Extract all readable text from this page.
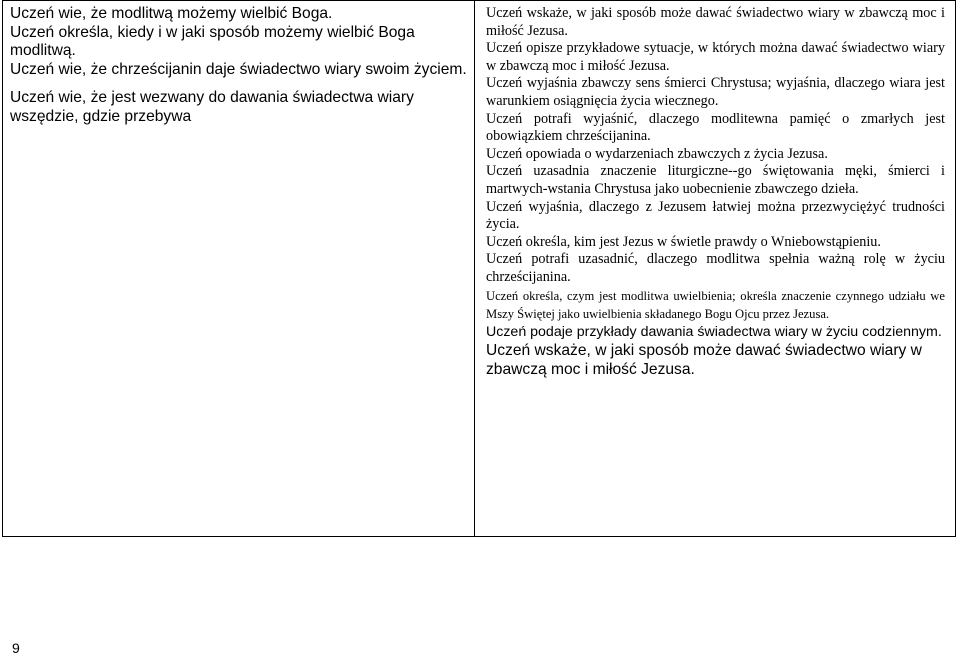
Uczeń wie, że modlitwą możemy wielbić Boga.

Uczeń określa, kiedy i w jaki sposób możemy wielbić Boga modlitwą.

Uczeń wie, że chrześcijanin daje świadectwo wiary swoim życiem.

Uczeń wie, że jest wezwany do dawania świadectwa wiary wszędzie, gdzie przebywa

Uczeń wskaże, w jaki sposób może dawać świadectwo wiary w zbawczą moc i miłość Jezusa.

Uczeń opisze przykładowe sytuacje, w których można dawać świadectwo wiary w zbawczą moc i miłość Jezusa.

Uczeń wyjaśnia zbawczy sens śmierci Chrystusa; wyjaśnia, dlaczego wiara jest warunkiem osiągnięcia życia wiecznego.

Uczeń potrafi wyjaśnić, dlaczego modlitewna pamięć o zmarłych jest obowiązkiem chrześcijanina.

Uczeń opowiada o wydarzeniach zbawczych z życia Jezusa.

Uczeń uzasadnia znaczenie liturgiczne--go świętowania męki, śmierci i martwych-wstania Chrystusa jako uobecnienie zbawczego dzieła.

Uczeń wyjaśnia, dlaczego z Jezusem łatwiej można przezwyciężyć trudności życia.

Uczeń określa, kim jest Jezus w świetle prawdy o Wniebowstąpieniu.

Uczeń potrafi uzasadnić, dlaczego modlitwa spełnia ważną rolę w życiu chrześcijanina.

Uczeń określa, czym jest modlitwa uwielbienia; określa znaczenie czynnego udziału we Mszy Świętej jako uwielbienia składanego Bogu Ojcu przez Jezusa.

Uczeń podaje przykłady dawania świadectwa wiary w życiu codziennym.

Uczeń wskaże, w jaki sposób może dawać świadectwo wiary w zbawczą moc i miłość Jezusa.

9
